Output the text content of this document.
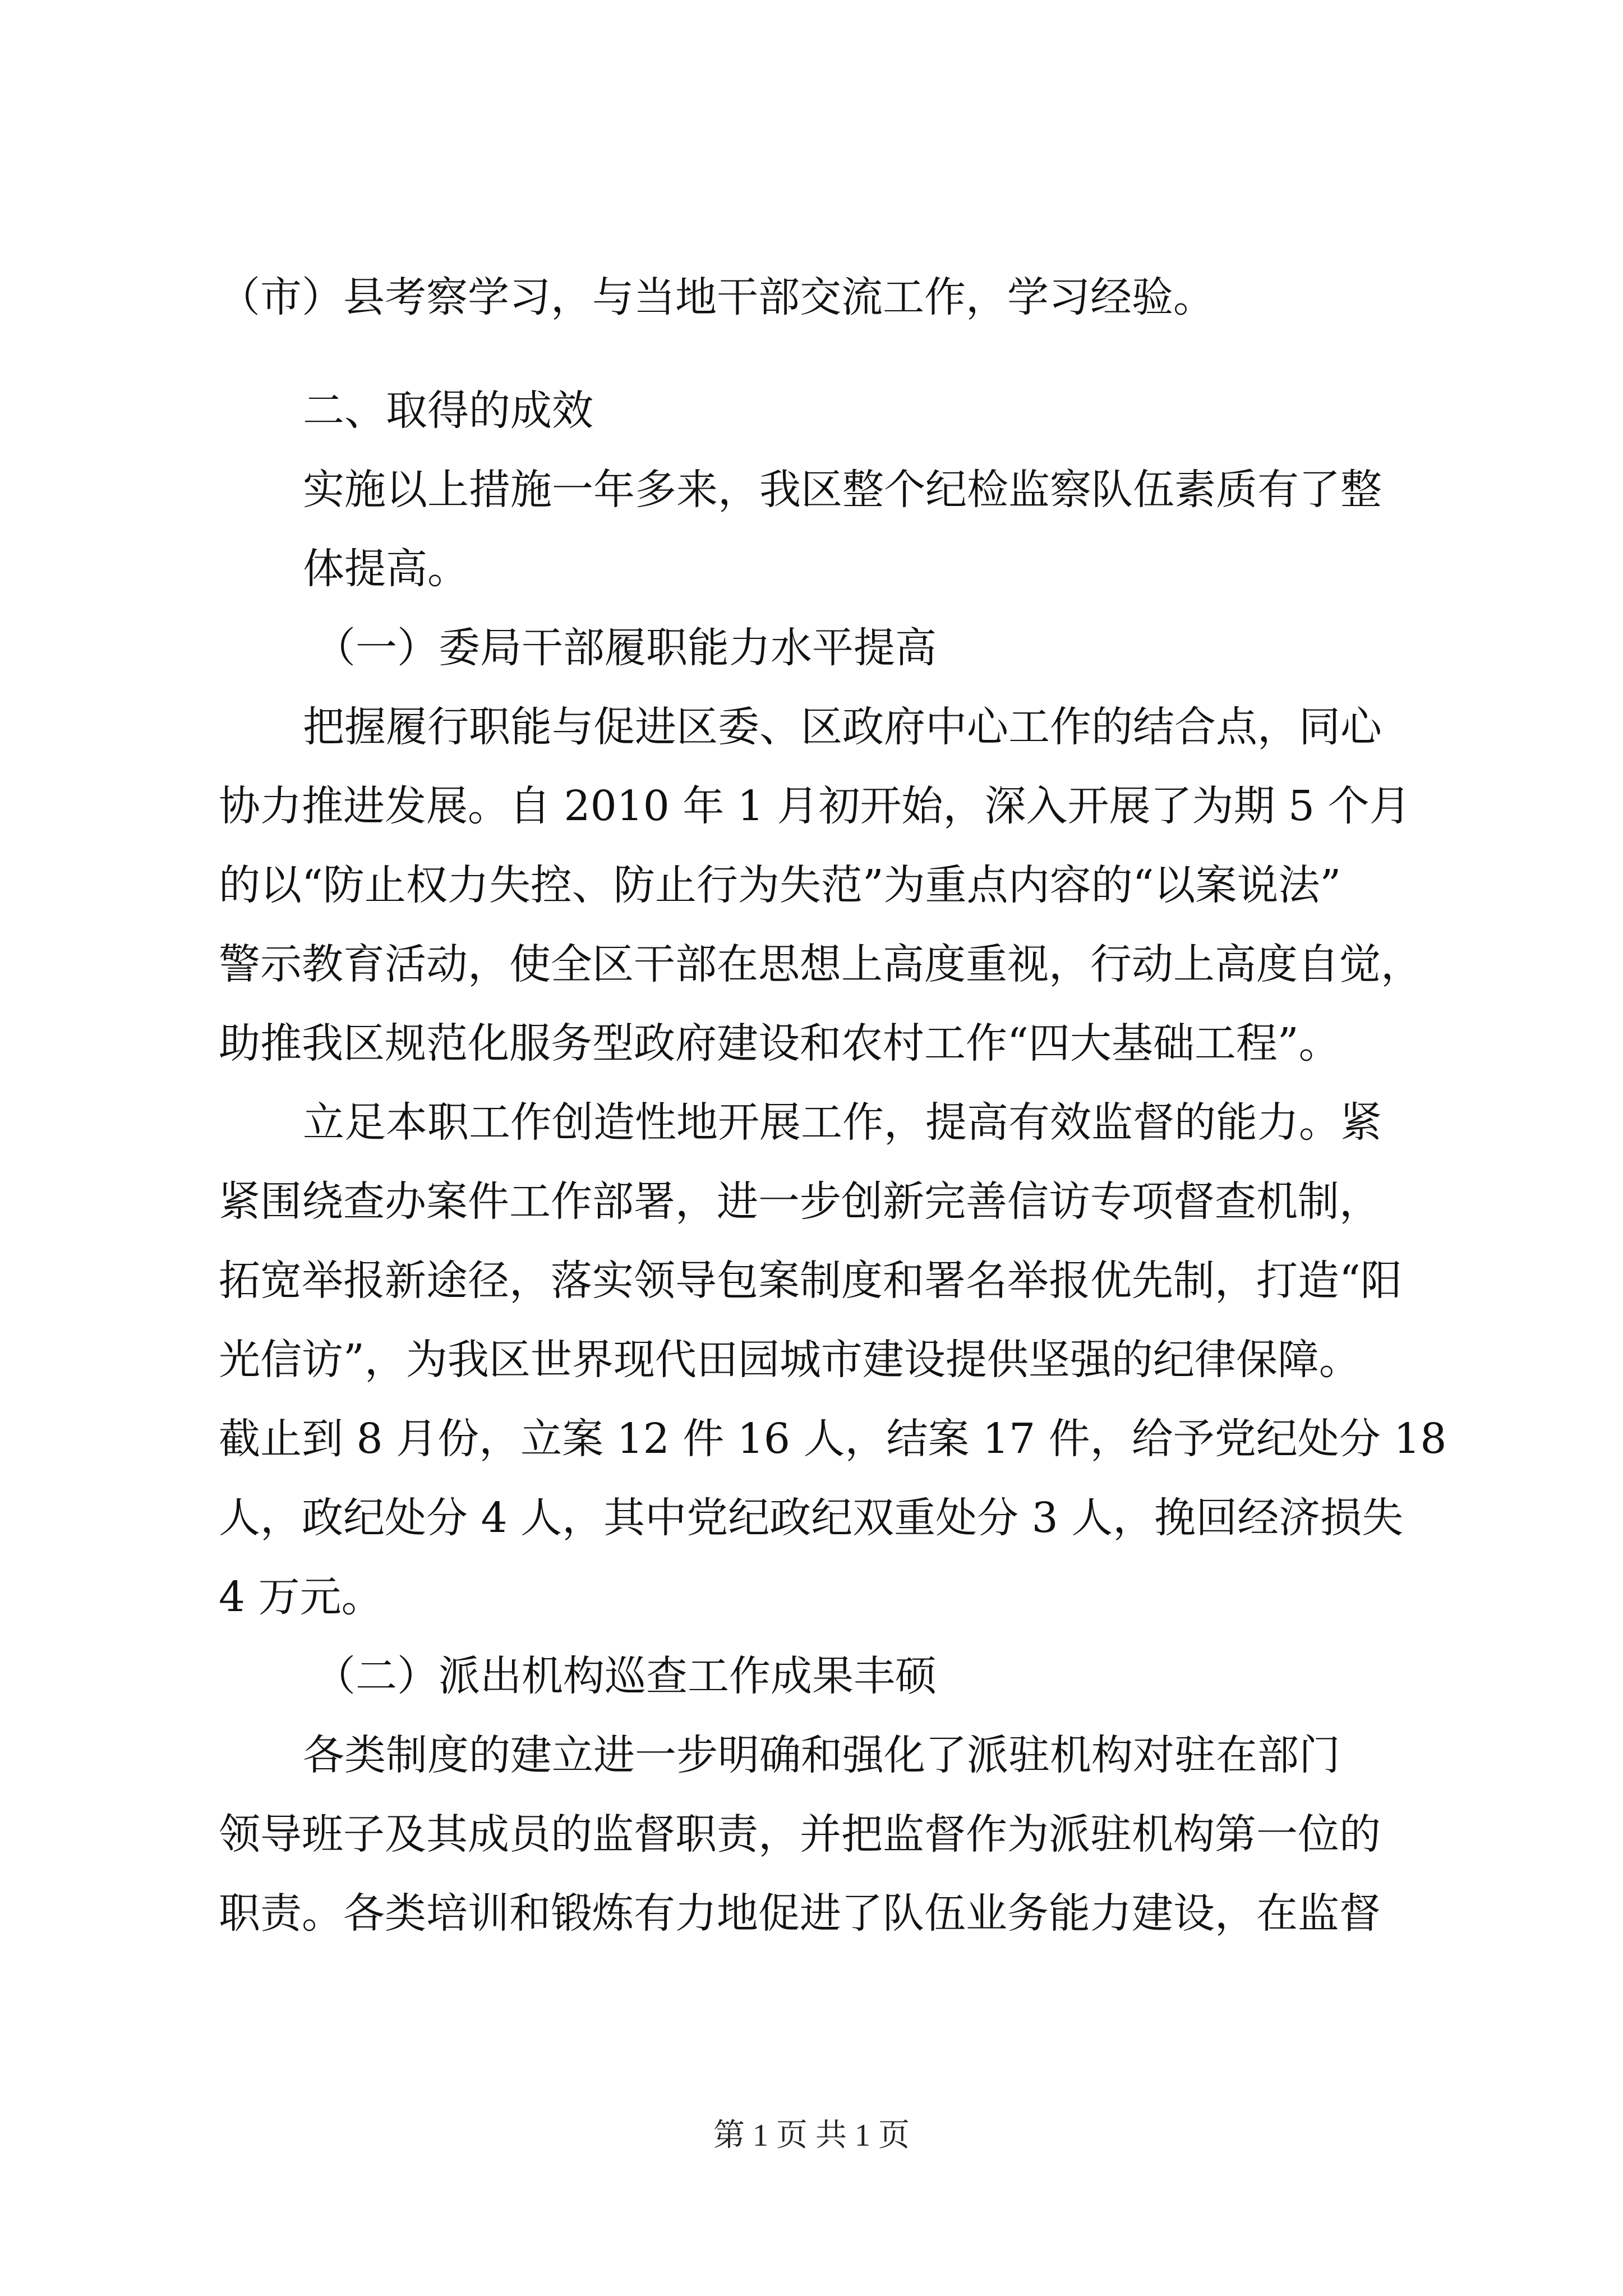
（市）县考察学习，与当地干部交流工作，学习经验。

二、取得的成效

实施以上措施一年多来，我区整个纪检监察队伍素质有了整

体提高。

（一）委局干部履职能力水平提高

把握履行职能与促进区委、区政府中心工作的结合点，同心

协力推进发展。自 2010 年 1 月初开始，深入开展了为期 5 个月

的以“防止权力失控、防止行为失范”为重点内容的“以案说法”

警示教育活动，使全区干部在思想上高度重视，行动上高度自觉，

助推我区规范化服务型政府建设和农村工作“四大基础工程”。

立足本职工作创造性地开展工作，提高有效监督的能力。紧

紧围绕查办案件工作部署，进一步创新完善信访专项督查机制，

拓宽举报新途径，落实领导包案制度和署名举报优先制，打造“阳

光信访”，为我区世界现代田园城市建设提供坚强的纪律保障。

截止到 8 月份，立案 12 件 16 人，结案 17 件，给予党纪处分 18

人，政纪处分 4 人，其中党纪政纪双重处分 3 人，挽回经济损失

4 万元。

（二）派出机构巡查工作成果丰硕

各类制度的建立进一步明确和强化了派驻机构对驻在部门

领导班子及其成员的监督职责，并把监督作为派驻机构第一位的

职责。各类培训和锻炼有力地促进了队伍业务能力建设，在监督

第 1 页 共 1 页
